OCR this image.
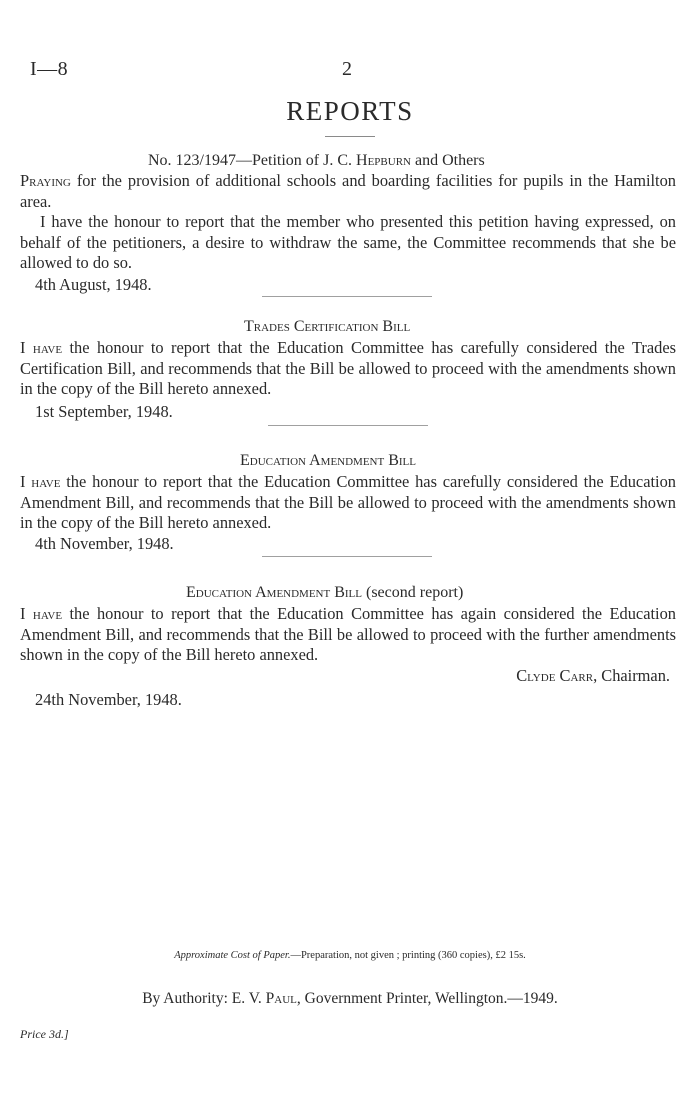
I—8	2
REPORTS
No. 123/1947—Petition of J. C. Hepburn and Others

Praying for the provision of additional schools and boarding facilities for pupils in the Hamilton area.

I have the honour to report that the member who presented this petition having expressed, on behalf of the petitioners, a desire to withdraw the same, the Committee recommends that she be allowed to do so.

4th August, 1948.
Trades Certification Bill

I have the honour to report that the Education Committee has carefully considered the Trades Certification Bill, and recommends that the Bill be allowed to proceed with the amendments shown in the copy of the Bill hereto annexed.

1st September, 1948.
Education Amendment Bill

I have the honour to report that the Education Committee has carefully considered the Education Amendment Bill, and recommends that the Bill be allowed to proceed with the amendments shown in the copy of the Bill hereto annexed.

4th November, 1948.
Education Amendment Bill (second report)

I have the honour to report that the Education Committee has again considered the Education Amendment Bill, and recommends that the Bill be allowed to proceed with the further amendments shown in the copy of the Bill hereto annexed.

Clyde Carr, Chairman.
24th November, 1948.
Approximate Cost of Paper.—Preparation, not given ; printing (360 copies), £2 15s.
By Authority: E. V. Paul, Government Printer, Wellington.—1949.
Price 3d.]
